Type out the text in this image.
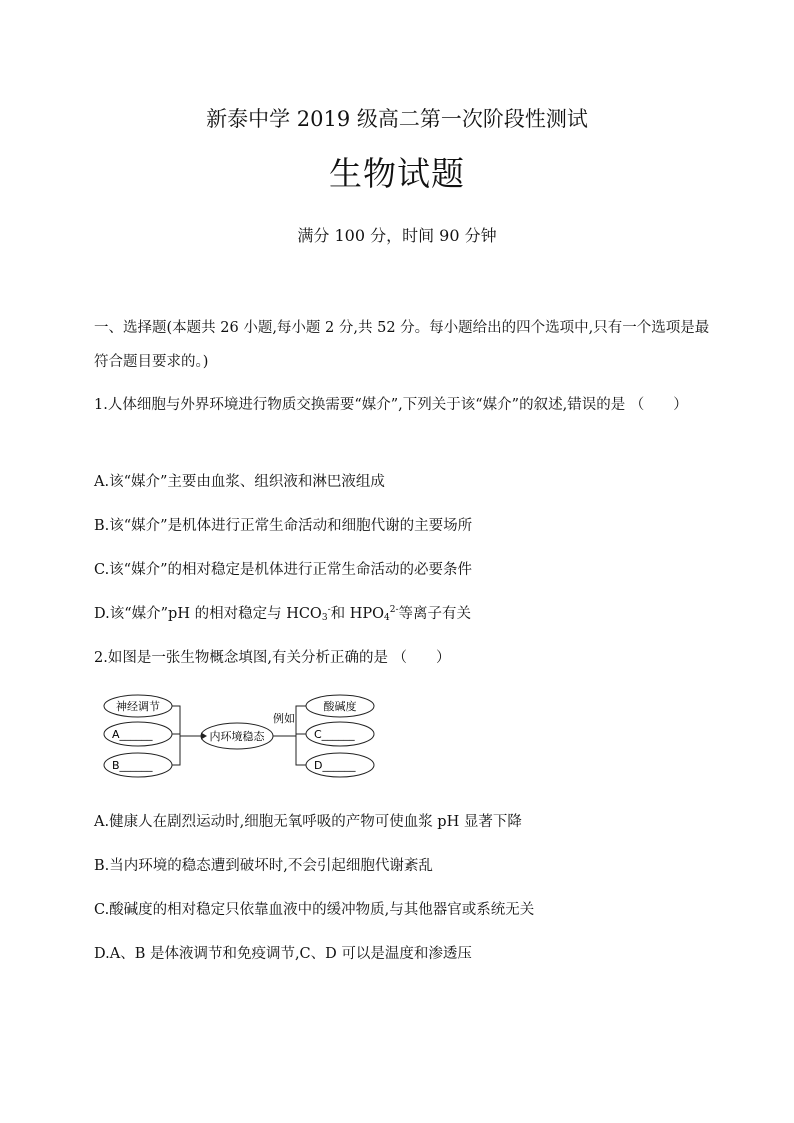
新泰中学 2019 级高二第一次阶段性测试
生物试题
满分 100 分，时间 90 分钟
一、选择题(本题共 26 小题,每小题 2 分,共 52 分。每小题给出的四个选项中,只有一个选项是最符合题目要求的。)
1.人体细胞与外界环境进行物质交换需要“媒介”,下列关于该“媒介”的叙述,错误的是 （　　）
A.该“媒介”主要由血浆、组织液和淋巴液组成
B.该“媒介”是机体进行正常生命活动和细胞代谢的主要场所
C.该“媒介”的相对稳定是机体进行正常生命活动的必要条件
D.该“媒介”pH 的相对稳定与 $HCO_3^-$和 $HPO_4^{2-}$等离子有关
2.如图是一张生物概念填图,有关分析正确的是 （　　）
神经调节
A______
B______
内环境稳态
例如
酸碱度
C______
D______
A.健康人在剧烈运动时,细胞无氧呼吸的产物可使血浆 pH 显著下降
B.当内环境的稳态遭到破坏时,不会引起细胞代谢紊乱
C.酸碱度的相对稳定只依靠血液中的缓冲物质,与其他器官或系统无关
D.A、B 是体液调节和免疫调节,C、D 可以是温度和渗透压
